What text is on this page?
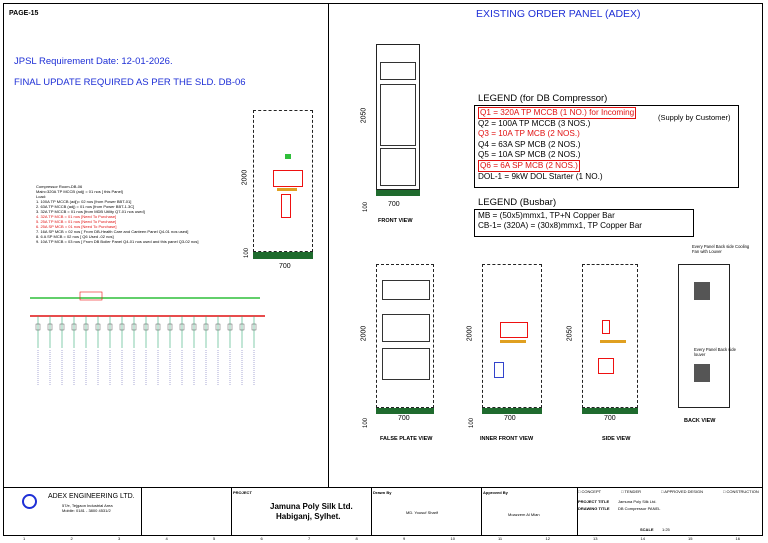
PAGE-15	EXISTING ORDER PANEL (ADEX)
JPSL Requirement Date: 12-01-2026.
FINAL UPDATE REQUIRED AS PER THE SLD. DB-06
Compressor Room-DB-06
Main=320A TP MCCB (adj) = 01 nos [ this Panel]
Load:
1. 100A TP MCCB (adj)= 02 nos [from Power BBT-01]
2. 63A TP MCCB (adj) = 01 nos [from Power BBT-1.3C]
3. 32A TP MCCB = 01 nos [from MDB Utility Q7-01 nos used]
4. 32A TP MCB = 01 nos [Need To Purchase]
5. 25A TP MCB = 01 nos [Need To Purchase]
6. 25A SP MCB = 01 nos [Need To Purchase]
7. 16A SP MCB = 02 nos [ From DB-Health Care and Canteen Panel Q4-01 nos used]
8. 6 A SP MCB = 02 nos [ Q6 Used -02 nos]
9. 10A TP MCB = 03 nos [ From DB Boiler Panel Q4-01 nos used and this panel Q3-02 nos]
2000
100
700
2050
100	700
FRONT VIEW
LEGEND (for DB Compressor)
Q1 = 320A TP MCCB (1 NO.) for Incoming
Q2 = 100A TP MCCB (3 NOS.)
Q3 = 10A TP MCB (2 NOS.)
Q4 = 63A SP MCB (2 NOS.)
Q5 = 10A SP MCB (2 NOS.)
Q6 = 6A SP MCB (2 NOS.)
DOL-1 = 9kW DOL Starter (1 NO.)
(Supply by Customer)
LEGEND (Busbar)
MB = (50x5)mmx1, TP+N Copper Bar
CB-1= (320A) = (30x8)mmx1, TP Copper Bar
2000
100	700
FALSE PLATE VIEW
2000
100	700
INNER FRONT VIEW
2050
700
SIDE VIEW
BACK VIEW
Every Panel Back side Cooling Fan with Louver
Every Panel Back side louver
ADEX ENGINEERING LTD.
57/e, Tejgaon Industrial Area
Mobile: 0181 - 3800 4531/2
PROJECT
Jamuna Poly Silk Ltd.
Habiganj, Sylhet.
Drawn By
MD. Yousuf Sharif
Approved By
Moazzem Al Mian
□ CONCEPT	□ TENDER	□ APPROVED DESIGN	□ CONSTRUCTION
PROJECT TITLE Jamuna Poly Silk Ltd.
DRAWING TITLE DB Compressor PANEL
SCALE 1:25
1	2	3	4	5	6	7	8	9	10	11	12	13	14	15	16
